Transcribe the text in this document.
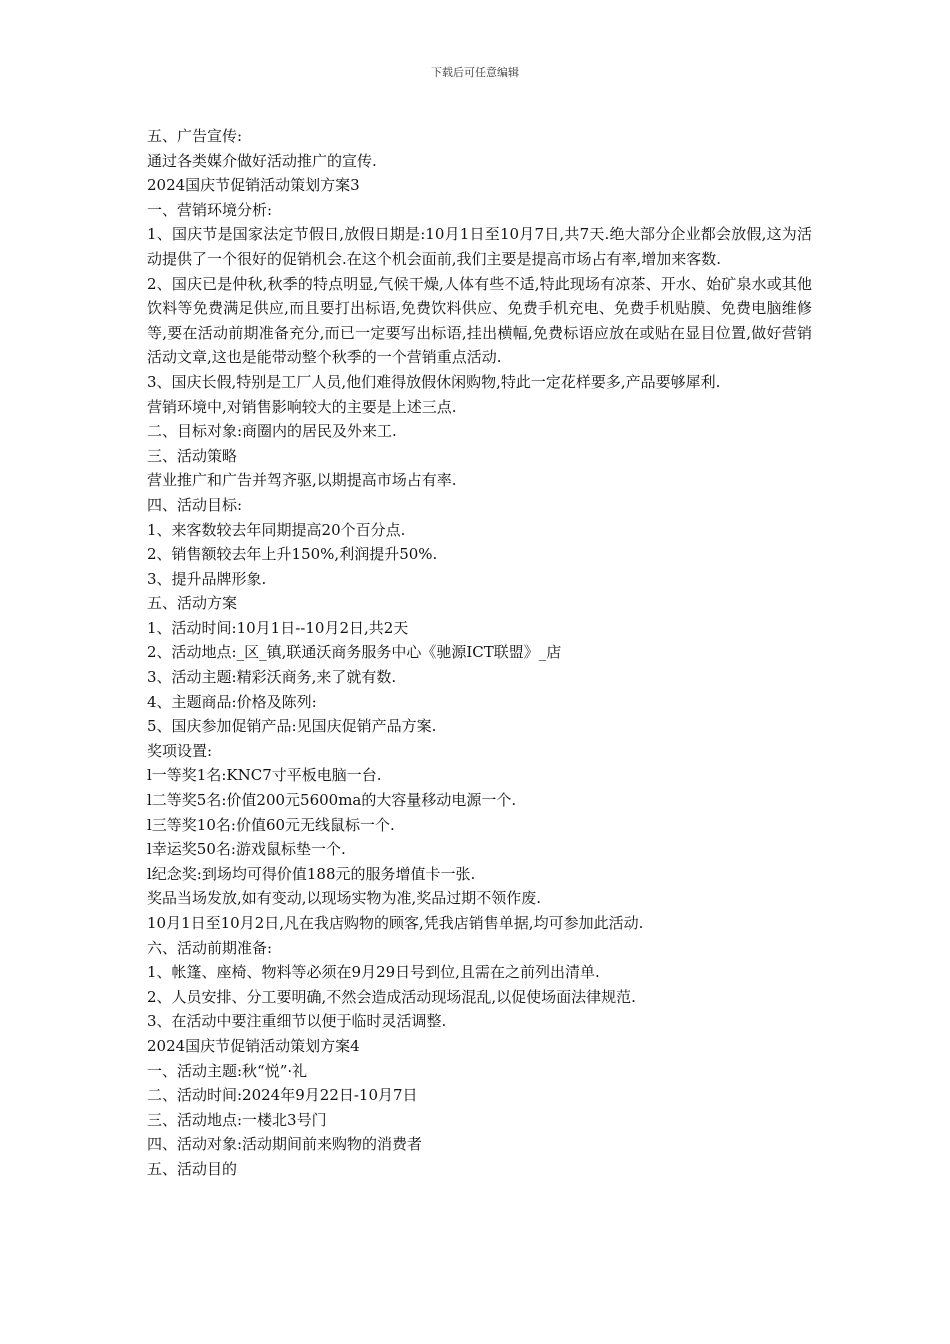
下载后可任意编辑
五、广告宣传:
通过各类媒介做好活动推广的宣传.
2024国庆节促销活动策划方案3
一、营销环境分析:
1、国庆节是国家法定节假日,放假日期是:10月1日至10月7日,共7天.绝大部分企业都会放假,这为活动提供了一个很好的促销机会.在这个机会面前,我们主要是提高市场占有率,增加来客数.
2、国庆已是仲秋,秋季的特点明显,气候干燥,人体有些不适,特此现场有凉茶、开水、始矿泉水或其他饮料等免费满足供应,而且要打出标语,免费饮料供应、免费手机充电、免费手机贴膜、免费电脑维修等,要在活动前期准备充分,而已一定要写出标语,挂出横幅,免费标语应放在或贴在显目位置,做好营销活动文章,这也是能带动整个秋季的一个营销重点活动.
3、国庆长假,特别是工厂人员,他们难得放假休闲购物,特此一定花样要多,产品要够犀利.
营销环境中,对销售影响较大的主要是上述三点.
二、目标对象:商圈内的居民及外来工.
三、活动策略
营业推广和广告并驾齐驱,以期提高市场占有率.
四、活动目标:
1、来客数较去年同期提高20个百分点.
2、销售额较去年上升150%,利润提升50%.
3、提升品牌形象.
五、活动方案
1、活动时间:10月1日--10月2日,共2天
2、活动地点:_区_镇,联通沃商务服务中心《驰源ICT联盟》_店
3、活动主题:精彩沃商务,来了就有数.
4、主题商品:价格及陈列:
5、国庆参加促销产品:见国庆促销产品方案.
奖项设置:
l一等奖1名:KNC7寸平板电脑一台.
l二等奖5名:价值200元5600ma的大容量移动电源一个.
l三等奖10名:价值60元无线鼠标一个.
l幸运奖50名:游戏鼠标垫一个.
l纪念奖:到场均可得价值188元的服务增值卡一张.
奖品当场发放,如有变动,以现场实物为准,奖品过期不领作废.
10月1日至10月2日,凡在我店购物的顾客,凭我店销售单据,均可参加此活动.
六、活动前期准备:
1、帐篷、座椅、物料等必须在9月29日号到位,且需在之前列出清单.
2、人员安排、分工要明确,不然会造成活动现场混乱,以促使场面法律规范.
3、在活动中要注重细节以便于临时灵活调整.
2024国庆节促销活动策划方案4
一、活动主题:秋“悦”·礼
二、活动时间:2024年9月22日-10月7日
三、活动地点:一楼北3号门
四、活动对象:活动期间前来购物的消费者
五、活动目的
